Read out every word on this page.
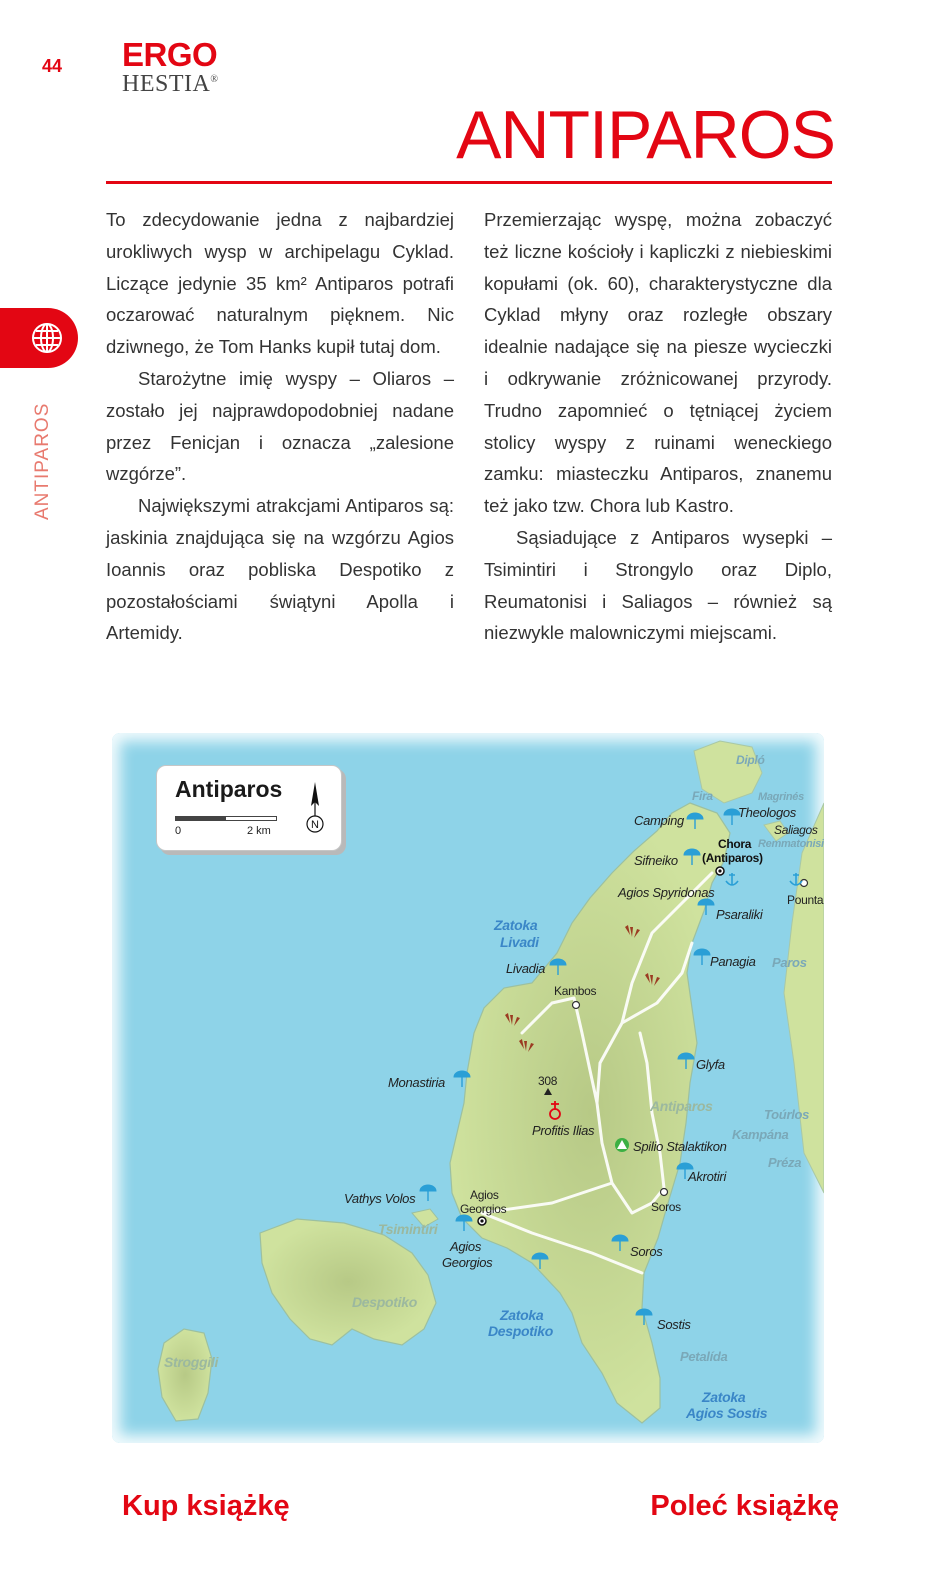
44 ERGO
HESTIA®
ANTIPAROS
ANTIPAROS

To zdecydowanie jedna z najbardziej urokliwych wysp w archipelagu Cyklad. Liczące jedynie 35 km² Antiparos potrafi oczarować naturalnym pięknem. Nic dziwnego, że Tom Hanks kupił tutaj dom.

Starożytne imię wyspy – Oliaros – zostało jej najprawdopodobniej nadane przez Fenicjan i oznacza „zalesione wzgórze”.

Największymi atrakcjami Antiparos są: jaskinia znajdująca się na wzgórzu Agios Ioannis oraz pobliska Despotiko z pozostałościami świątyni Apolla i Artemidy.

Przemierzając wyspę, można zobaczyć też liczne kościoły i kapliczki z niebieskimi kopułami (ok. 60), charakterystyczne dla Cyklad młyny oraz rozległe obszary idealnie nadające się na piesze wycieczki i odkrywanie zróżnicowanej przyrody. Trudno zapomnieć o tętniącej życiem stolicy wyspy z ruinami weneckiego zamku: miasteczku Antiparos, znanemu też jako tzw. Chora lub Kastro.

Sąsiadujące z Antiparos wysepki – Tsimintiri i Strongylo oraz Diplo, Reumatonisi i Saliagos – również są niezwykle malowniczymi miejscami.

Antiparos
0	2 km	N
Dipló
Fira	Magrinés
Theologos
Camping
Saliagos
Remmatonisi
Chora
(Antiparos)
Sifneiko
Agios Spyridonas	Pounta
Psaraliki
Zatoka
Livadi
Panagia Paros
Livadia
Kambos
Glyfa
Monastiria	308
Antiparos
Toúrlos
Kampána
Profitis Ilias
Spilio Stalaktikon
Préza
Akrotiri
Vathys Volos	Agios
Georgios	Soros
Tsimintiri
Agios
Georgios
Soros
Despotiko
Zatoka
Despotiko	Sostis
Stroggili	Petalída
Zatoka
Agios Sostis
Kup książkę	Poleć książkę
